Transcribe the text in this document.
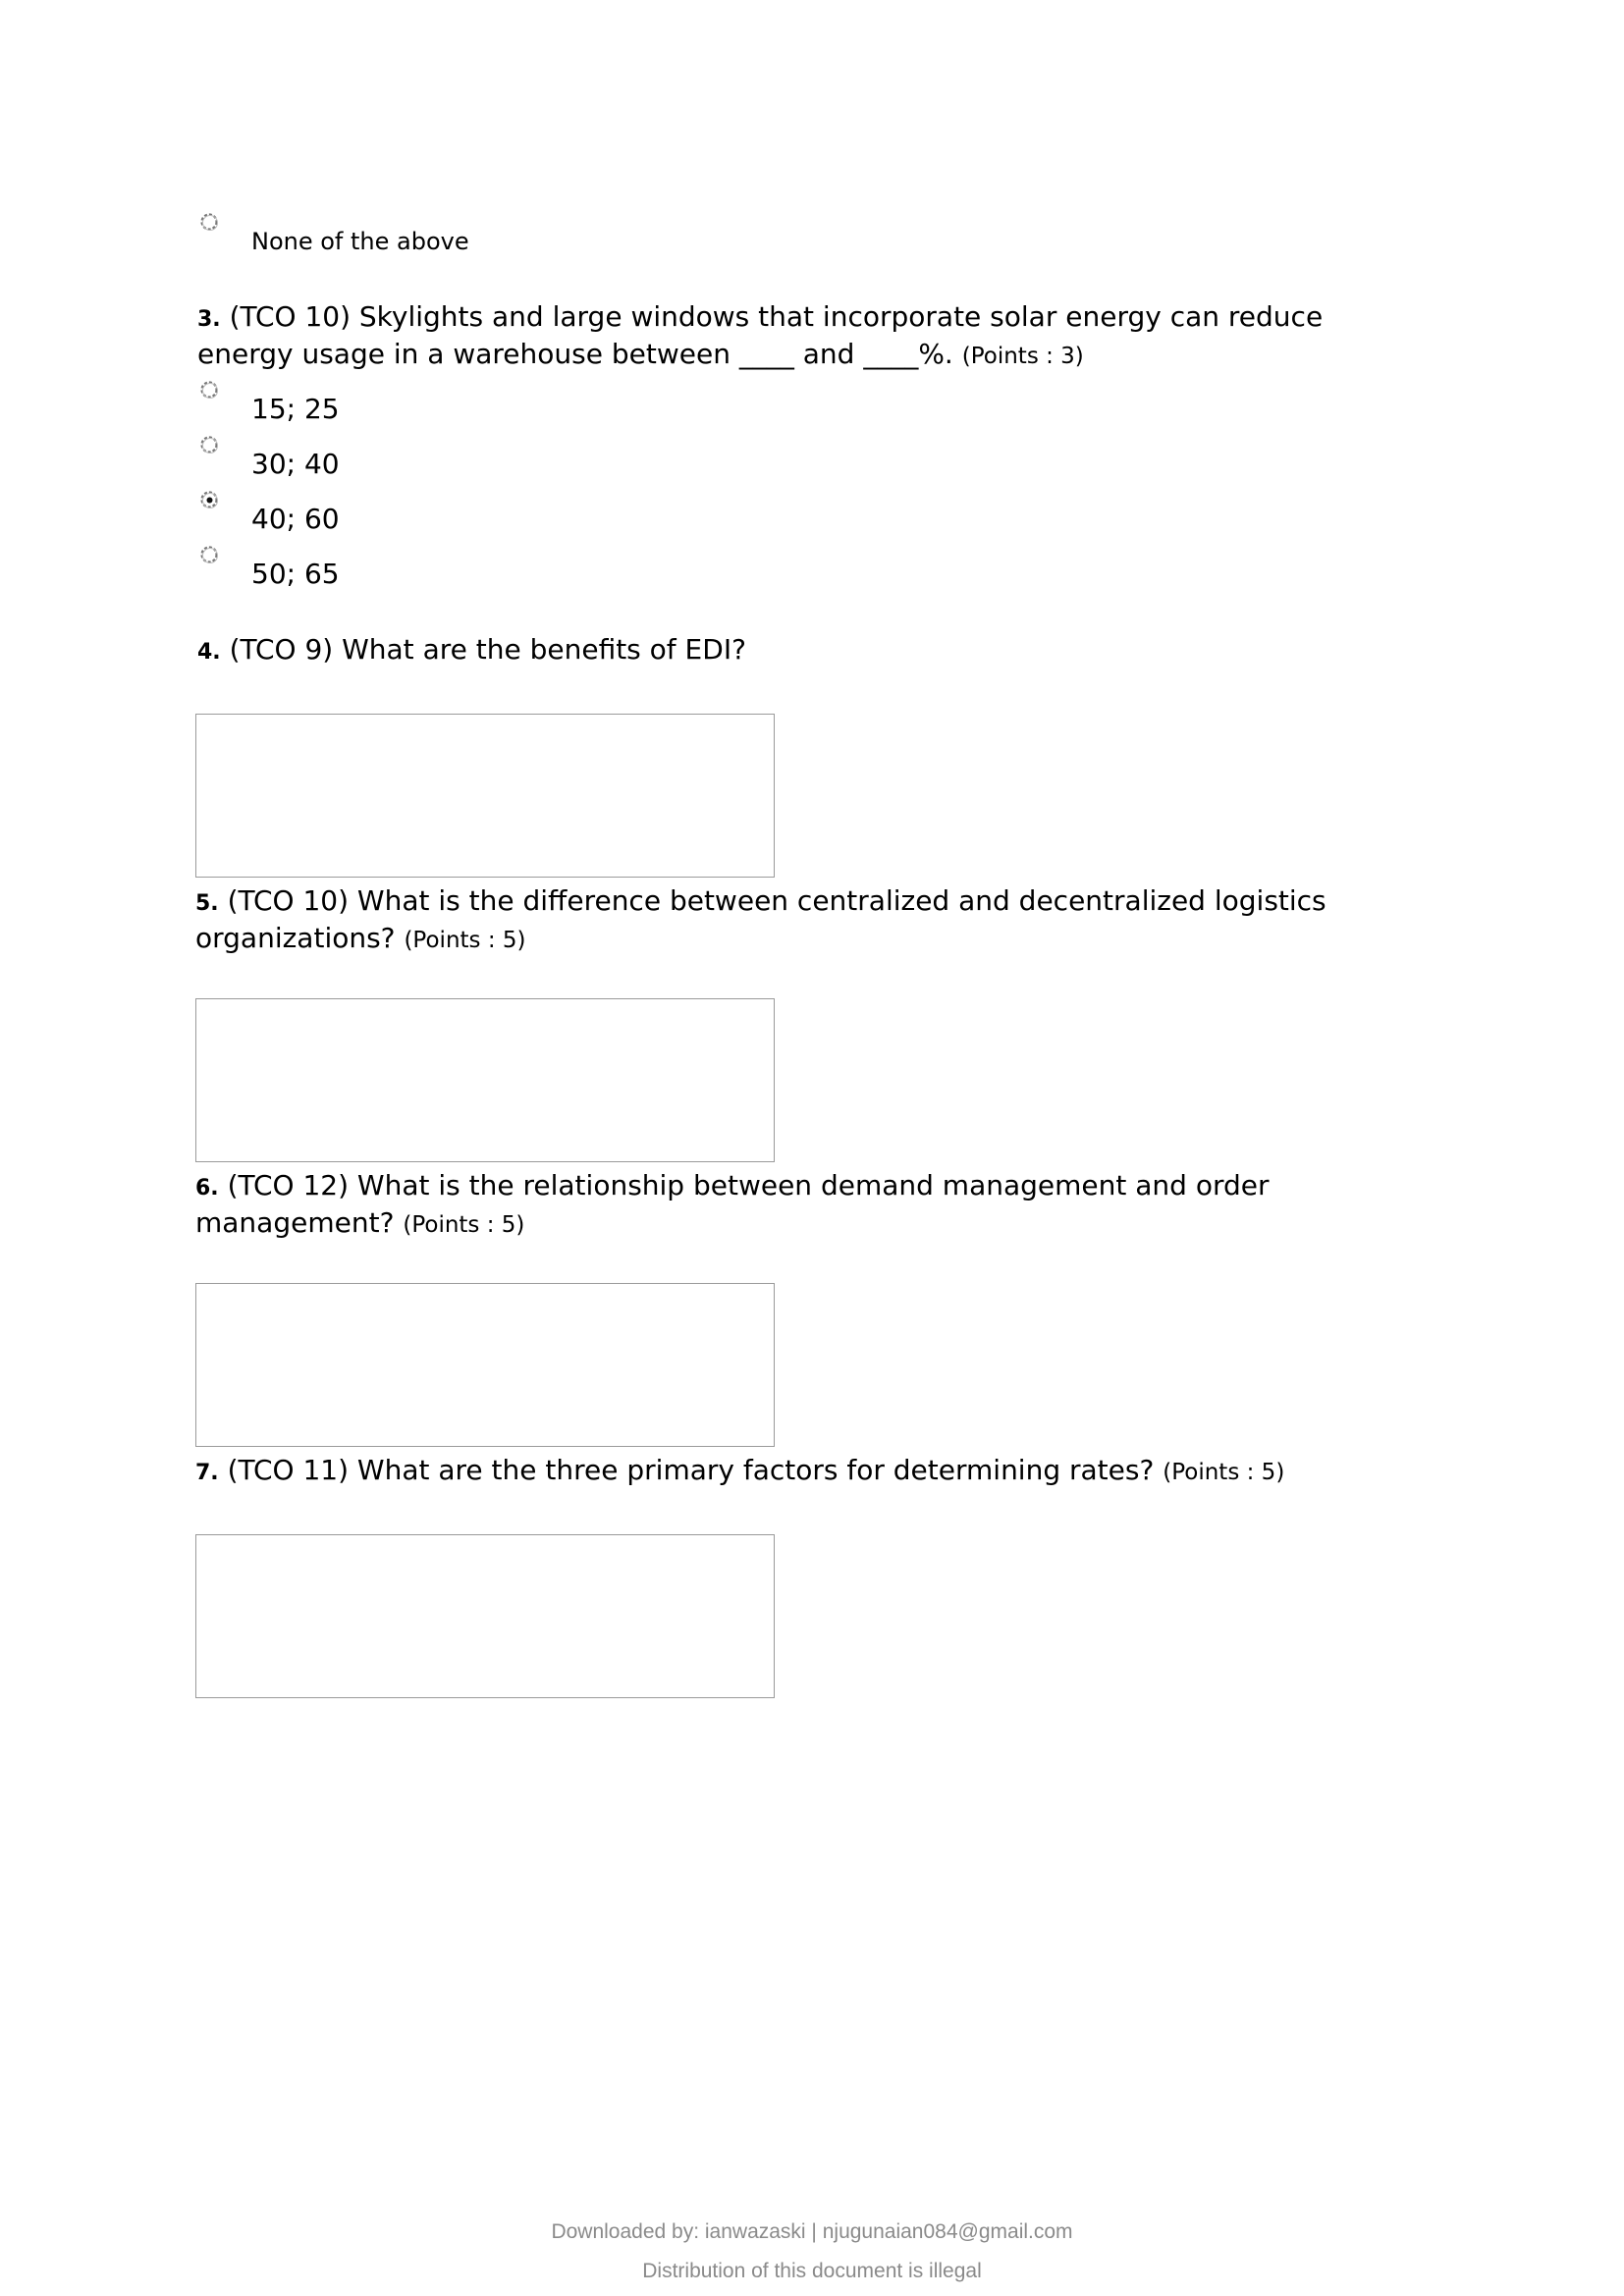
None of the above
3. (TCO 10) Skylights and large windows that incorporate solar energy can reduce energy usage in a warehouse between ____ and ____%. (Points : 3)
15; 25
30; 40
40; 60
50; 65
4. (TCO 9) What are the benefits of EDI?
5. (TCO 10) What is the difference between centralized and decentralized logistics organizations? (Points : 5)
6. (TCO 12) What is the relationship between demand management and order management? (Points : 5)
7. (TCO 11) What are the three primary factors for determining rates? (Points : 5)
Downloaded by: ianwazaski | njugunaian084@gmail.com
Distribution of this document is illegal
